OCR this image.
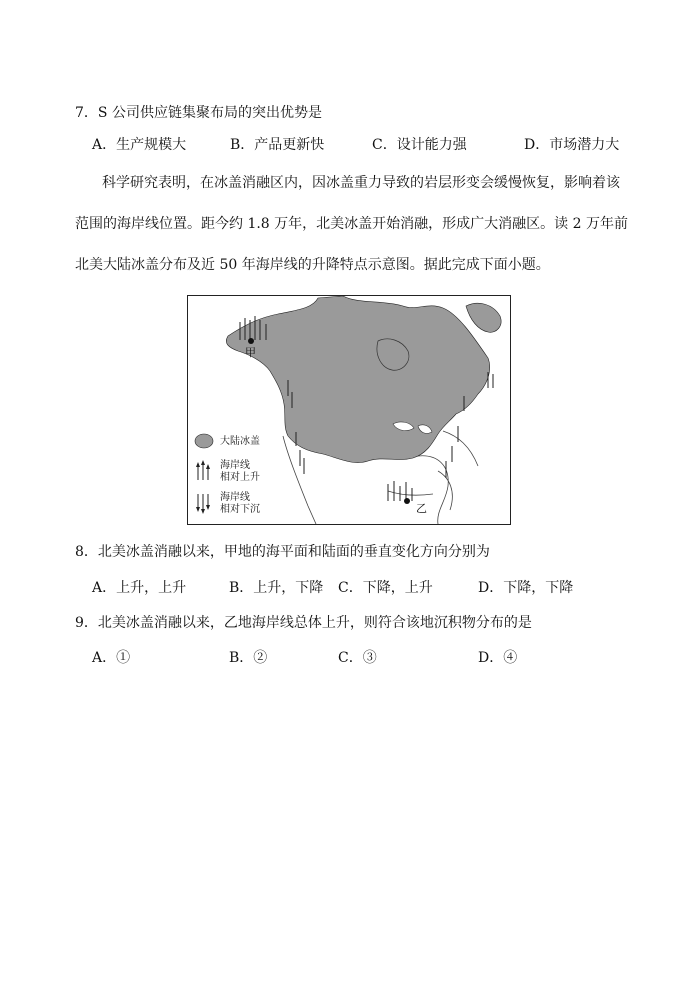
7．S 公司供应链集聚布局的突出优势是
A．生产规模大	B．产品更新快	C．设计能力强	D．市场潜力大
科学研究表明，在冰盖消融区内，因冰盖重力导致的岩层形变会缓慢恢复，影响着该
范围的海岸线位置。距今约 1.8 万年，北美冰盖开始消融，形成广大消融区。读 2 万年前
北美大陆冰盖分布及近 50 年海岸线的升降特点示意图。据此完成下面小题。
甲
乙
大陆冰盖
海岸线
相对上升
海岸线
相对下沉
8．北美冰盖消融以来，甲地的海平面和陆面的垂直变化方向分别为
A．上升，上升	B．上升，下降 C．下降，上升	D．下降，下降
9．北美冰盖消融以来，乙地海岸线总体上升，则符合该地沉积物分布的是
A．①	B．②	C．③	D．④
